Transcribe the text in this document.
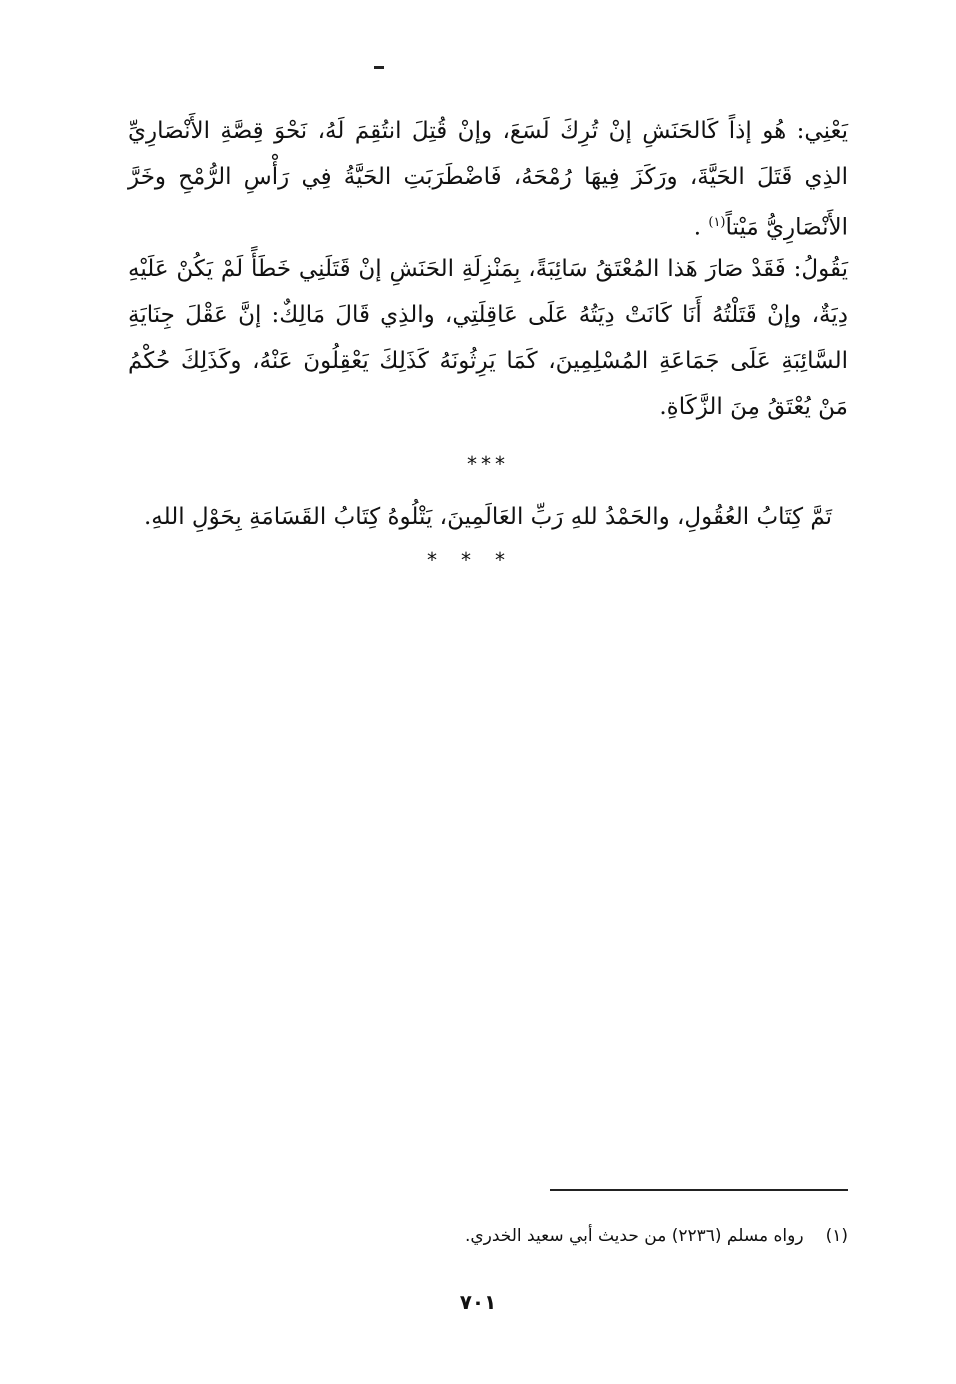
يَعْنِي: هُو إذاً كَالحَنَشِ إنْ تُرِكَ لَسَعَ، وإنْ قُتِلَ انتُقِمَ لَهُ، نَحْوَ قِصَّةِ الأَنْصَارِيِّ الذِي قَتَلَ الحَيَّةَ، ورَكَزَ فِيهَا رُمْحَهُ، فَاضْطَرَبَتِ الحَيَّةُ فِي رَأْسِ الرُّمْحِ وخَرَّ الأَنْصَارِيُّ مَيْتاً$^{(١)}$ .
يَقُولُ: فَقَدْ صَارَ هَذا المُعْتَقُ سَائِبَةً، بِمَنْزِلَةِ الحَنَشِ إنْ قَتَلَنِي خَطَأً لَمْ يَكُنْ عَلَيْهِ دِيَةٌ، وإنْ قَتَلْتُهُ أَنَا كَانَتْ دِيَتُهُ عَلَى عَاقِلَتِي، والذِي قَالَ مَالِكٌ: إنَّ عَقْلَ جِنَايَةِ السَّائِبَةِ عَلَى جَمَاعَةِ المُسْلِمِينَ، كَمَا يَرِثُونَهُ كَذَلِكَ يَعْقِلُونَ عَنْهُ، وكَذَلِكَ حُكْمُ مَنْ يُعْتَقُ مِنَ الزَّكَاةِ.
***
تَمَّ كِتَابُ العُقُولِ، والحَمْدُ للهِ رَبِّ العَالَمِينَ، يَتْلُوهُ كِتَابُ القَسَامَةِ بِحَوْلِ اللهِ.
***
(١)رواه مسلم (٢٢٣٦) من حديث أبي سعيد الخدري.
٧٠١
